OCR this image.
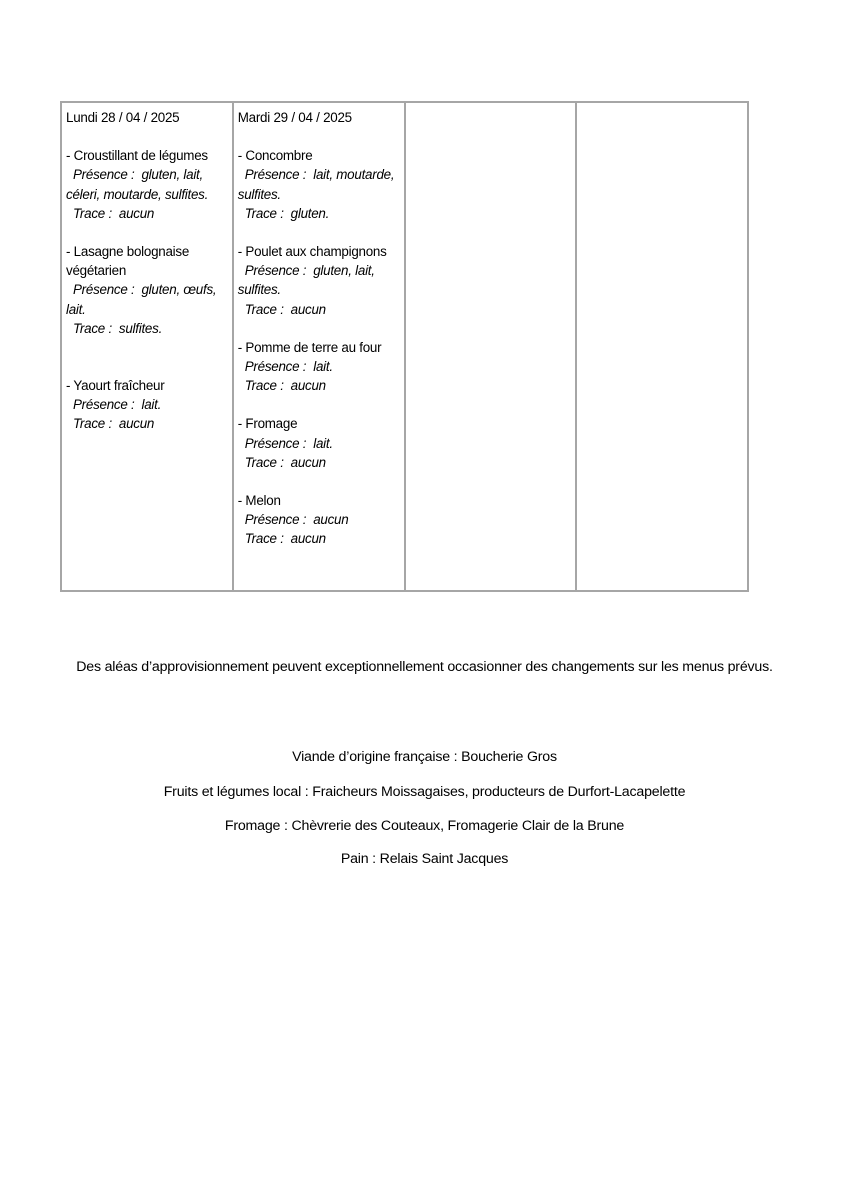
Lundi 28 / 04 / 2025
- Croustillant de légumes
Présence : gluten, lait, céleri, moutarde, sulfites.
Trace : aucun
- Lasagne bolognaise végétarien
Présence : gluten, œufs, lait.
Trace : sulfites.
- Yaourt fraîcheur
Présence : lait.
Trace : aucun

Mardi 29 / 04 / 2025
- Concombre
Présence : lait, moutarde, sulfites.
Trace : gluten.
- Poulet aux champignons
Présence : gluten, lait, sulfites.
Trace : aucun
- Pomme de terre au four
Présence : lait.
Trace : aucun
- Fromage
Présence : lait.
Trace : aucun
- Melon
Présence : aucun
Trace : aucun

Des aléas d’approvisionnement peuvent exceptionnellement occasionner des changements sur les menus prévus.
Viande d’origine française : Boucherie Gros
Fruits et légumes local : Fraicheurs Moissagaises, producteurs de Durfort-Lacapelette
Fromage : Chèvrerie des Couteaux, Fromagerie Clair de la Brune
Pain : Relais Saint Jacques
